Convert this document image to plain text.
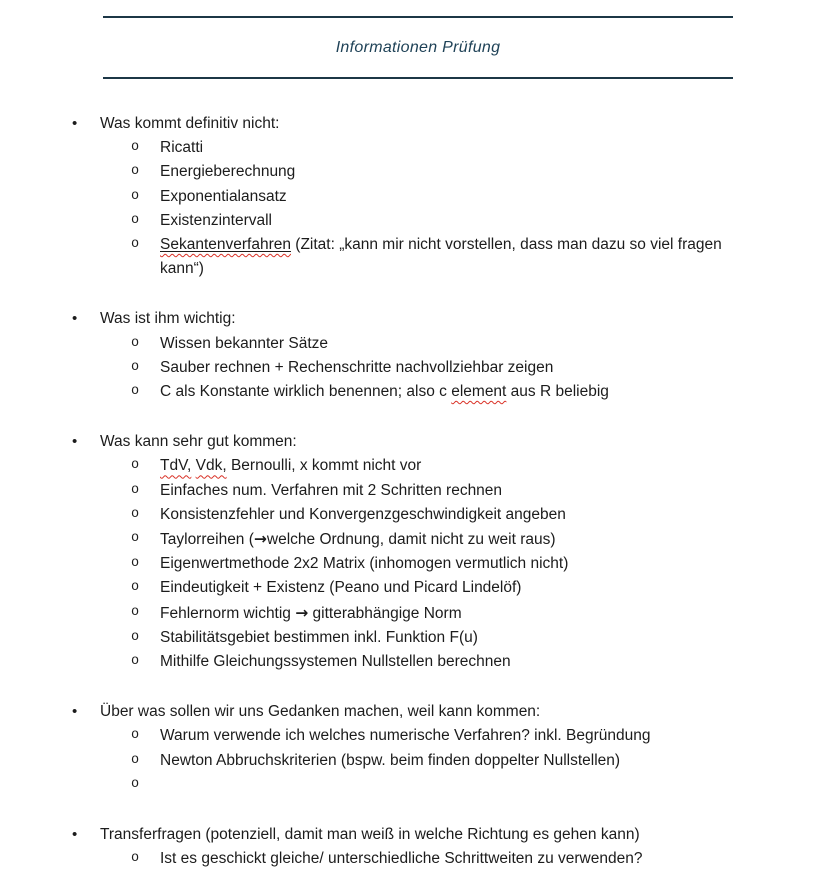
Informationen Prüfung
•	Was kommt definitiv nicht:
o	Ricatti
o	Energieberechnung
o	Exponentialansatz
o	Existenzintervall
o	Sekantenverfahren (Zitat: „kann mir nicht vorstellen, dass man dazu so viel fragen kann“)
•	Was ist ihm wichtig:
o	Wissen bekannter Sätze
o	Sauber rechnen + Rechenschritte nachvollziehbar zeigen
o	C als Konstante wirklich benennen; also c element aus R beliebig
•	Was kann sehr gut kommen:
o	TdV, Vdk, Bernoulli, x kommt nicht vor
o	Einfaches num. Verfahren mit 2 Schritten rechnen
o	Konsistenzfehler und Konvergenzgeschwindigkeit angeben
o	Taylorreihen (→welche Ordnung, damit nicht zu weit raus)
o	Eigenwertmethode 2x2 Matrix (inhomogen vermutlich nicht)
o	Eindeutigkeit + Existenz (Peano und Picard Lindelöf)
o	Fehlernorm wichtig → gitterabhängige Norm
o	Stabilitätsgebiet bestimmen inkl. Funktion F(u)
o	Mithilfe Gleichungssystemen Nullstellen berechnen
•	Über was sollen wir uns Gedanken machen, weil kann kommen:
o	Warum verwende ich welches numerische Verfahren? inkl. Begründung
o	Newton Abbruchskriterien (bspw. beim finden doppelter Nullstellen)
o
•	Transferfragen (potenziell, damit man weiß in welche Richtung es gehen kann)
o	Ist es geschickt gleiche/ unterschiedliche Schrittweiten zu verwenden?
